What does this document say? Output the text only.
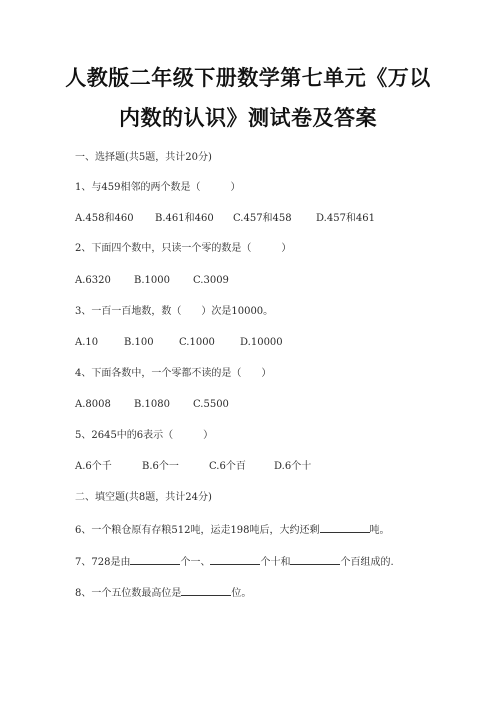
人教版二年级下册数学第七单元《万以
内数的认识》测试卷及答案
一、选择题(共5题，共计20分)
1、与459相邻的两个数是（　　　）
A.458和460 B.461和460 C.457和458 D.457和461
2、下面四个数中，只读一个零的数是（　　　）
A.6320 B.1000 C.3009
3、一百一百地数，数（　　）次是10000。
A.10	B.100	C.1000	D.10000
4、下面各数中，一个零都不读的是（　　）
A.8008 B.1080 C.5500
5、2645中的6表示（　　　）
A.6个千	B.6个一	C.6个百	D.6个十
二、填空题(共8题，共计24分)
6、一个粮仓原有存粮512吨，运走198吨后，大约还剩	吨。
7、728是由	个一、	个十和	个百组成的.
8、一个五位数最高位是	位。
